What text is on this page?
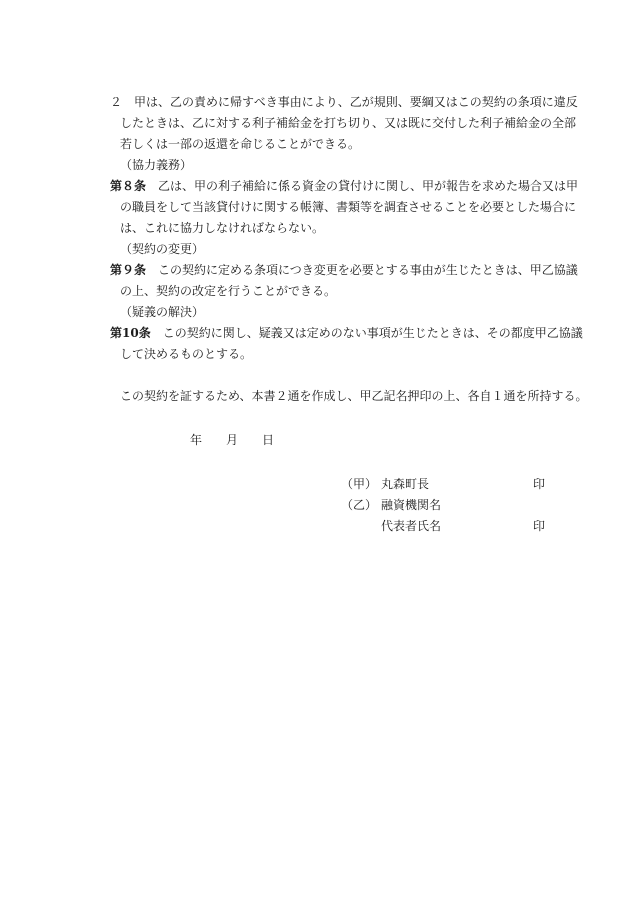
２　甲は、乙の責めに帰すべき事由により、乙が規則、要綱又はこの契約の条項に違反
したときは、乙に対する利子補給金を打ち切り、又は既に交付した利子補給金の全部
若しくは一部の返還を命じることができる。
（協力義務）
第８条　乙は、甲の利子補給に係る資金の貸付けに関し、甲が報告を求めた場合又は甲
の職員をして当該貸付けに関する帳簿、書類等を調査させることを必要とした場合に
は、これに協力しなければならない。
（契約の変更）
第９条　この契約に定める条項につき変更を必要とする事由が生じたときは、甲乙協議
の上、契約の改定を行うことができる。
（疑義の解決）
第10条　この契約に関し、疑義又は定めのない事項が生じたときは、その都度甲乙協議
して決めるものとする。
この契約を証するため、本書２通を作成し、甲乙記名押印の上、各自１通を所持する。
年 月 日
（甲） 丸森町長	印
（乙） 融資機関名
代表者氏名	印
